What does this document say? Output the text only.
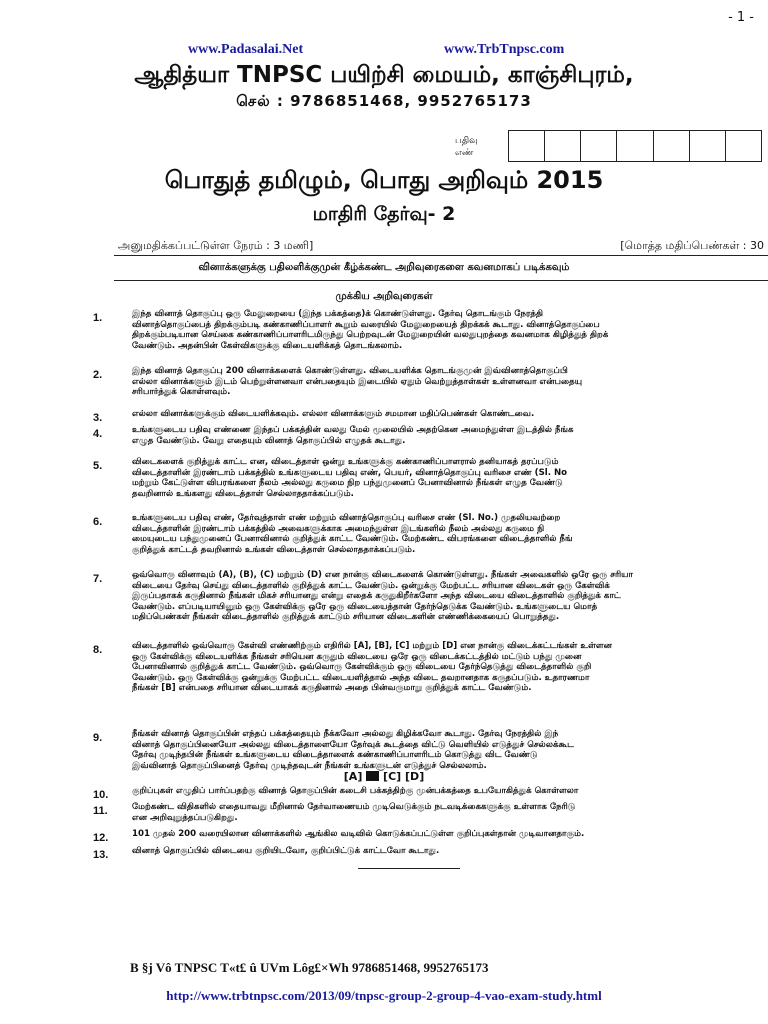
- 1 -
www.Padasalai.Net	www.TrbTnpsc.com
ஆதித்யா TNPSC பயிற்சி மையம், காஞ்சிபுரம்,
செல் : 9786851468, 9952765173
பதிவு
எண்
பொதுத் தமிழும், பொது அறிவும் 2015
மாதிரி தேர்வு- 2
அனுமதிக்கப்பட்டுள்ள நேரம் : 3 மணி]	[மொத்த மதிப்பெண்கள் : 30
வினாக்களுக்கு பதிலளிக்குமுன் கீழ்க்கண்ட அறிவுரைகளை கவனமாகப் படிக்கவும்
முக்கிய அறிவுரைகள்
1.	இந்த வினாத் தொகுப்பு ஒரு மேலுறையை (இந்த பக்கத்தை)க் கொண்டுள்ளது. தேர்வு தொடங்கும் நேரத்தி
வினாத்தொகுப்பைத் திறக்கும்படி கண்காணிப்பாளர் கூறும் வரையில் மேலுறையைத் திறக்கக் கூடாது. வினாத்தொகுப்பை
திறக்கும்படியான செய்கை கண்காணிப்பாளரிடமிருந்து பெற்றவுடன் மேலுறையின் வலதுபுறத்தை கவனமாக கிழித்துத் திறக்
வேண்டும். அதன்பின் கேள்விகளுக்கு விடையளிக்கத் தொடங்கலாம்.
2.	இந்த வினாத் தொகுப்பு 200 வினாக்களைக் கொண்டுள்ளது. விடையளிக்க தொடங்குமுன் இவ்வினாத்தொகுப்பி
எல்லா வினாக்களும் இடம் பெற்றுள்ளனவா என்பதையும் இடையில் ஏதும் வெற்றுத்தாள்கள் உள்ளனவா என்பதையு
சரிபார்த்துக் கொள்ளவும்.
3.	எல்லா வினாக்களுக்கும் விடையளிக்கவும். எல்லா வினாக்களும் சமமான மதிப்பெண்கள் கொண்டவை.
4.	உங்களுடைய பதிவு எண்ணை இந்தப் பக்கத்தின் வலது மேல் மூலையில் அதற்கென அமைந்துள்ள இடத்தில் நீங்க
எழுத வேண்டும். வேறு எதையும் வினாத் தொகுப்பில் எழுதக் கூடாது.
5.	விடைகளைக் குறித்துக் காட்ட என, விடைத்தாள் ஒன்று உங்களுக்கு கண்காணிப்பாளரால் தனியாகத் தரப்படும்
விடைத்தாளின் இரண்டாம் பக்கத்தில் உங்களுடைய பதிவு எண், பெயர், வினாத்தொகுப்பு வரிசை எண் (Sl. No
மற்றும் கேட்டுள்ள விபரங்களை நீலம் அல்லது கருமை நிற பந்துமுனைப் பேனாவினால் நீங்கள் எழுத வேண்டு
தவறினால் உங்களது விடைத்தாள் செல்லாததாக்கப்படும்.
6.	உங்களுடைய பதிவு எண், தேர்வுத்தாள் எண் மற்றும் வினாத்தொகுப்பு வரிசை எண் (Sl. No.) முதலியவற்றை
விடைத்தாளின் இரண்டாம் பக்கத்தில் அவைகளுக்காக அமைந்துள்ள இடங்களில் நீலம் அல்லது கருமை நி
மையுடைய பந்துமுனைப் பேனாவினால் குறித்துக் காட்ட வேண்டும். மேற்கண்ட விபரங்களை விடைத்தாளில் நீங்
குறித்துக் காட்டத் தவறினால் உங்கள் விடைத்தாள் செல்லாததாக்கப்படும்.
7.	ஒவ்வொரு வினாவும் (A), (B), (C) மற்றும் (D) என நான்கு விடைகளைக் கொண்டுள்ளது. நீங்கள் அவைகளில் ஒரே ஒரு சரியா
விடையை தேர்வு செய்து விடைத்தாளில் குறித்துக் காட்ட வேண்டும். ஒன்றுக்கு மேற்பட்ட சரியான விடைகள் ஒரு கேள்விக்
இருப்பதாகக் கருதினால் நீங்கள் மிகச் சரியானது என்று எதைக் கருதுகிறீர்களோ அந்த விடையை விடைத்தாளில் குறித்துக் காட்
வேண்டும். எப்படியாயினும் ஒரு கேள்விக்கு ஒரே ஒரு விடையைத்தான் தேர்ந்தெடுக்க வேண்டும். உங்களுடைய மொத்
மதிப்பெண்கள் நீங்கள் விடைத்தாளில் குறித்துக் காட்டும் சரியான விடைகளின் எண்ணிக்கையைப் பொறுத்தது.
8.	விடைத்தாளில் ஒவ்வொரு கேள்வி எண்ணிற்கும் எதிரில் [A], [B], [C] மற்றும் [D] என நான்கு விடைக்கட்டங்கள் உள்ளன
ஒரு கேள்விக்கு விடையளிக்க நீங்கள் சரியென கருதும் விடையை ஒரே ஒரு விடைக்கட்டத்தில் மட்டும் பந்து முனை
பேனாவினால் குறித்துக் காட்ட வேண்டும். ஒவ்வொரு கேள்விக்கும் ஒரு விடையை தேர்ந்தெடுத்து விடைத்தாளில் குறி
வேண்டும். ஒரு கேள்விக்கு ஒன்றுக்கு மேற்பட்ட விடையளித்தால் அந்த விடை தவறானதாக கருதப்படும். உதாரணமா
நீங்கள் [B] என்பதை சரியான விடையாகக் கருதினால் அதை பின்வருமாறு குறித்துக் காட்ட வேண்டும்.
[A] [C] [D]
9.	நீங்கள் வினாத் தொகுப்பின் எந்தப் பக்கத்தையும் நீக்கவோ அல்லது கிழிக்கவோ கூடாது. தேர்வு நேரத்தில் இந்
வினாத் தொகுப்பினையோ அல்லது விடைத்தாளையோ தேர்வுக் கூடத்தை விட்டு வெளியில் எடுத்துச் செல்லக்கூட
தேர்வு முடிந்தபின் நீங்கள் உங்களுடைய விடைத்தாளைக் கண்காணிப்பாளரிடம் கொடுத்து விட வேண்டு
இவ்வினாத் தொகுப்பினைத் தேர்வு முடிந்தவுடன் நீங்கள் உங்களுடன் எடுத்துச் செல்லலாம்.
10.	குறிப்புகள் எழுதிப் பார்ப்பதற்கு வினாத் தொகுப்பின் கடைசி பக்கத்திற்கு முன்பக்கத்தை உபயோகித்துக் கொள்ளலா
11.	மேற்கண்ட விதிகளில் எதையாவது மீறினால் தேர்வாணையம் முடிவெடுக்கும் நடவடிக்கைகளுக்கு உள்ளாக நேரிடு
என அறிவுறுத்தப்படுகிறது.
12.	101 முதல் 200 வரையிலான வினாக்களில் ஆங்கில வடிவில் கொடுக்கப்பட்டுள்ள குறிப்புகள்தான் முடிவானதாகும்.
13.	வினாத் தொகுப்பில் விடையை குறியிடவோ, குறிப்பிட்டுக் காட்டவோ கூடாது.
B §j Vô TNPSC T«t£ û UVm Lôg£×Wh 9786851468, 9952765173
http://www.trbtnpsc.com/2013/09/tnpsc-group-2-group-4-vao-exam-study.html
